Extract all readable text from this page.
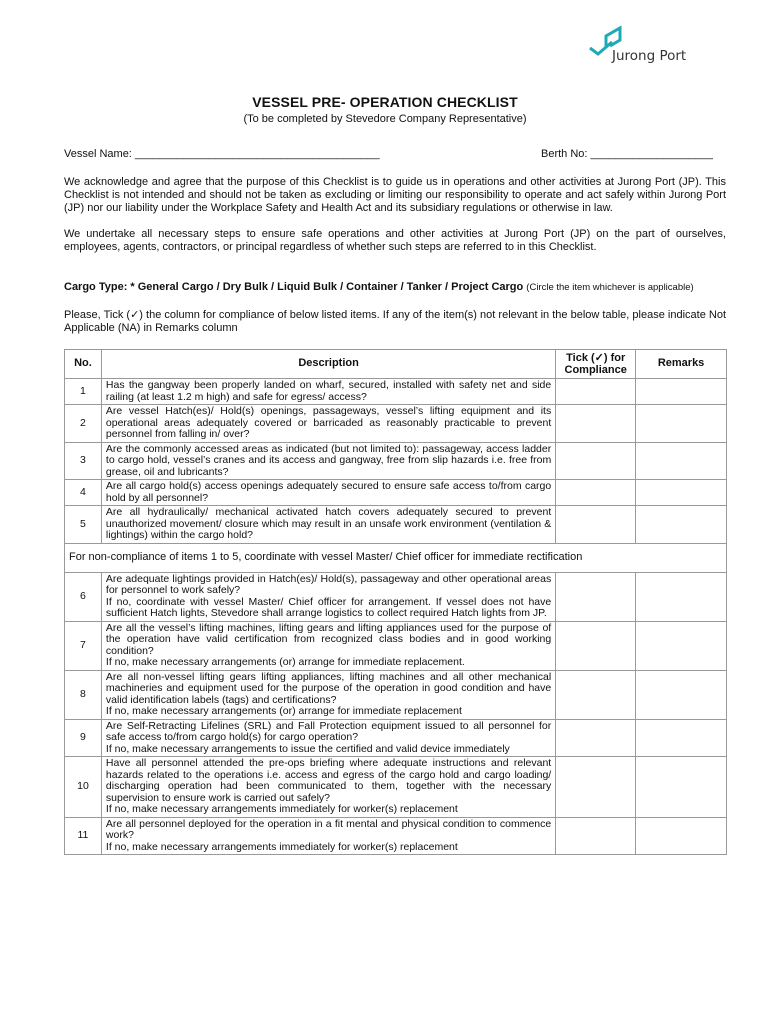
Jurong Port
VESSEL PRE- OPERATION CHECKLIST
(To be completed by Stevedore Company Representative)
Vessel Name: ________________________________________	Berth No: ____________________
We acknowledge and agree that the purpose of this Checklist is to guide us in operations and other activities at Jurong Port (JP). This Checklist is not intended and should not be taken as excluding or limiting our responsibility to operate and act safely within Jurong Port (JP) nor our liability under the Workplace Safety and Health Act and its subsidiary regulations or otherwise in law.
We undertake all necessary steps to ensure safe operations and other activities at Jurong Port (JP) on the part of ourselves, employees, agents, contractors, or principal regardless of whether such steps are referred to in this Checklist.
Cargo Type: * General Cargo / Dry Bulk / Liquid Bulk / Container / Tanker / Project Cargo (Circle the item whichever is applicable)
Please, Tick (✓) the column for compliance of below listed items. If any of the item(s) not relevant in the below table, please indicate Not Applicable (NA) in Remarks column
No.	Description	Tick (✓) for Compliance	Remarks
1	Has the gangway been properly landed on wharf, secured, installed with safety net and side railing (at least 1.2 m high) and safe for egress/ access?		

2	Are vessel Hatch(es)/ Hold(s) openings, passageways, vessel’s lifting equipment and its operational areas adequately covered or barricaded as reasonably practicable to prevent personnel from falling in/ over?		

3	Are the commonly accessed areas as indicated (but not limited to): passageway, access ladder to cargo hold, vessel’s cranes and its access and gangway, free from slip hazards i.e. free from grease, oil and lubricants?		

4	Are all cargo hold(s) access openings adequately secured to ensure safe access to/from cargo hold by all personnel?		

5	Are all hydraulically/ mechanical activated hatch covers adequately secured to prevent unauthorized movement/ closure which may result in an unsafe work environment (ventilation & lightings) within the cargo hold?		

For non-compliance of items 1 to 5, coordinate with vessel Master/ Chief officer for immediate rectification			
6	Are adequate lightings provided in Hatch(es)/ Hold(s), passageway and other operational areas for personnel to work safely?
If no, coordinate with vessel Master/ Chief officer for arrangement. If vessel does not have sufficient Hatch lights, Stevedore shall arrange logistics to collect required Hatch lights from JP.		

7	Are all the vessel’s lifting machines, lifting gears and lifting appliances used for the purpose of the operation have valid certification from recognized class bodies and in good working condition?
If no, make necessary arrangements (or) arrange for immediate replacement.		

8	Are all non-vessel lifting gears lifting appliances, lifting machines and all other mechanical machineries and equipment used for the purpose of the operation in good condition and have valid identification labels (tags) and certifications?
If no, make necessary arrangements (or) arrange for immediate replacement		

9	Are Self-Retracting Lifelines (SRL) and Fall Protection equipment issued to all personnel for safe access to/from cargo hold(s) for cargo operation?
If no, make necessary arrangements to issue the certified and valid device immediately		

10	Have all personnel attended the pre-ops briefing where adequate instructions and relevant hazards related to the operations i.e. access and egress of the cargo hold and cargo loading/ discharging operation had been communicated to them, together with the necessary supervision to ensure work is carried out safely?
If no, make necessary arrangements immediately for worker(s) replacement		

11	Are all personnel deployed for the operation in a fit mental and physical condition to commence work?
If no, make necessary arrangements immediately for worker(s) replacement		
